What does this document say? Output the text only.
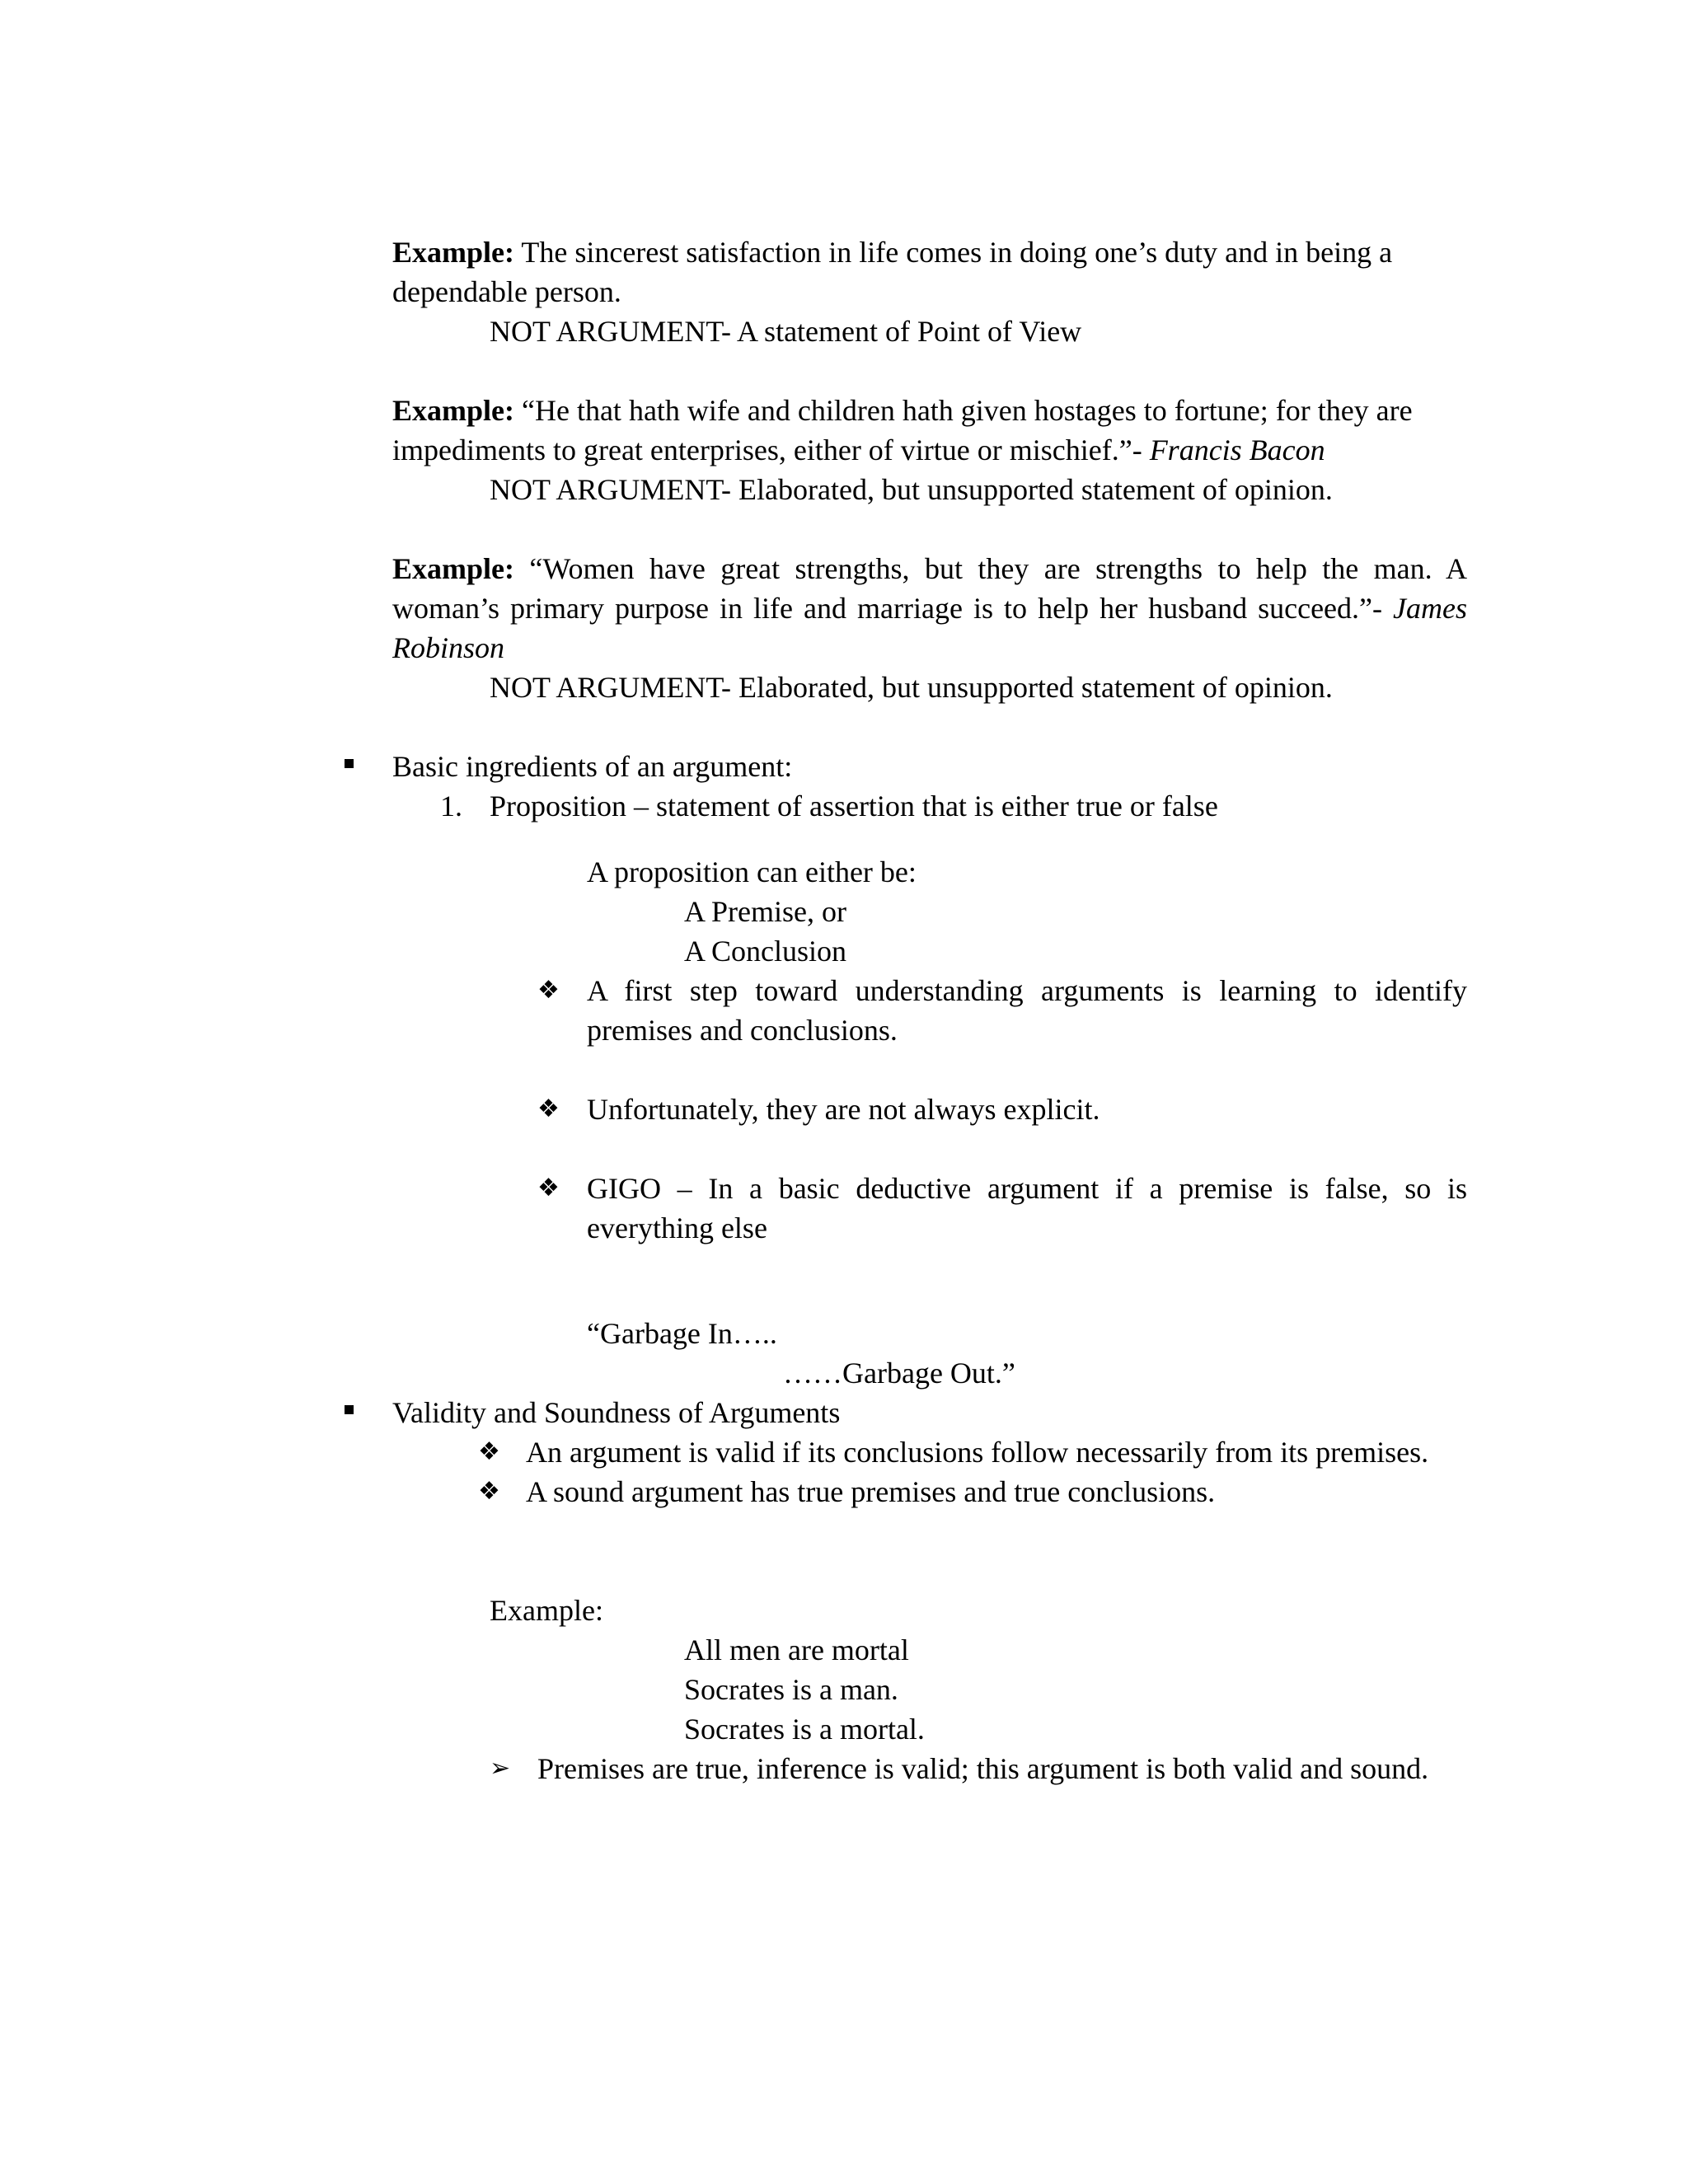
Example: The sincerest satisfaction in life comes in doing one’s duty and in being a
dependable person.
NOT ARGUMENT- A statement of Point of View
Example: “He that hath wife and children hath given hostages to fortune; for they are
impediments to great enterprises, either of virtue or mischief.”- Francis Bacon
NOT ARGUMENT- Elaborated, but unsupported statement of opinion.
Example: “Women have great strengths, but they are strengths to help the man. A
woman’s primary purpose in life and marriage is to help her husband succeed.”- James
Robinson
NOT ARGUMENT- Elaborated, but unsupported statement of opinion.
Basic ingredients of an argument:
1. Proposition – statement of assertion that is either true or false
A proposition can either be:
A Premise, or
A Conclusion
❖ A first step toward understanding arguments is learning to identify
premises and conclusions.
❖ Unfortunately, they are not always explicit.
❖ GIGO – In a basic deductive argument if a premise is false, so is
everything else
“Garbage In…..
……Garbage Out.”
Validity and Soundness of Arguments
❖ An argument is valid if its conclusions follow necessarily from its premises.
❖ A sound argument has true premises and true conclusions.
Example:
All men are mortal
Socrates is a man.
Socrates is a mortal.
➢ Premises are true, inference is valid; this argument is both valid and sound.
